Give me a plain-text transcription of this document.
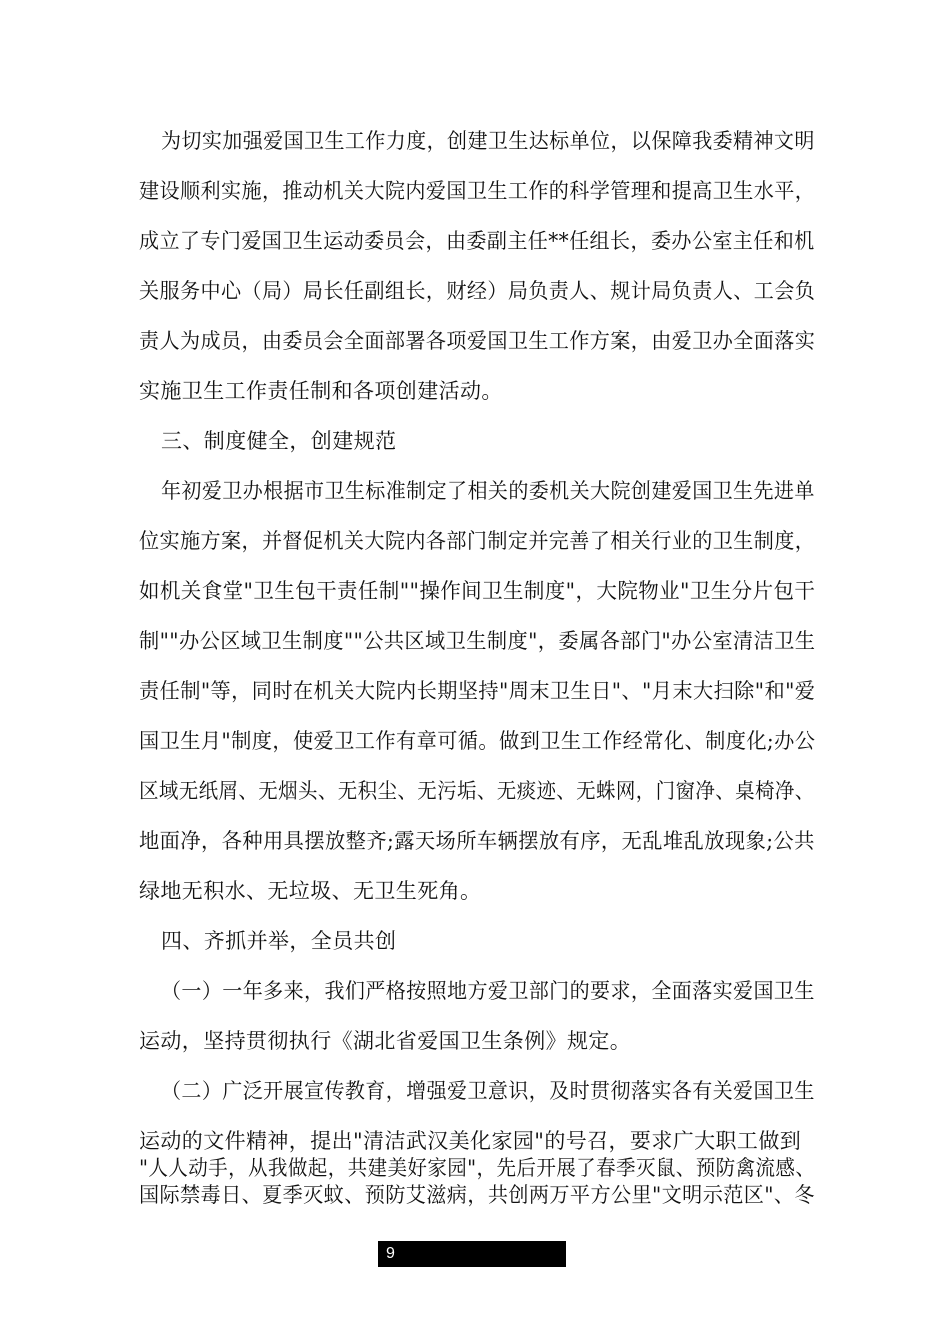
为切实加强爱国卫生工作力度，创建卫生达标单位，以保障我委精神文明
建设顺利实施，推动机关大院内爱国卫生工作的科学管理和提高卫生水平，
成立了专门爱国卫生运动委员会，由委副主任**任组长，委办公室主任和机
关服务中心（局）局长任副组长，财经）局负责人、规计局负责人、工会负
责人为成员，由委员会全面部署各项爱国卫生工作方案，由爱卫办全面落实
实施卫生工作责任制和各项创建活动。
三、制度健全，创建规范
年初爱卫办根据市卫生标准制定了相关的委机关大院创建爱国卫生先进单
位实施方案，并督促机关大院内各部门制定并完善了相关行业的卫生制度，
如机关食堂"卫生包干责任制""操作间卫生制度"，大院物业"卫生分片包干
制""办公区域卫生制度""公共区域卫生制度"，委属各部门"办公室清洁卫生
责任制"等，同时在机关大院内长期坚持"周末卫生日"、"月末大扫除"和"爱
国卫生月"制度，使爱卫工作有章可循。做到卫生工作经常化、制度化;办公
区域无纸屑、无烟头、无积尘、无污垢、无痰迹、无蛛网，门窗净、桌椅净、
地面净，各种用具摆放整齐;露天场所车辆摆放有序，无乱堆乱放现象;公共
绿地无积水、无垃圾、无卫生死角。
四、齐抓并举，全员共创
（一）一年多来，我们严格按照地方爱卫部门的要求，全面落实爱国卫生
运动，坚持贯彻执行《湖北省爱国卫生条例》规定。
（二）广泛开展宣传教育，增强爱卫意识，及时贯彻落实各有关爱国卫生
运动的文件精神，提出"清洁武汉美化家园"的号召，要求广大职工做到
"人人动手，从我做起，共建美好家园"，先后开展了春季灭鼠、预防禽流感、
国际禁毒日、夏季灭蚊、预防艾滋病，共创两万平方公里"文明示范区"、冬
9
